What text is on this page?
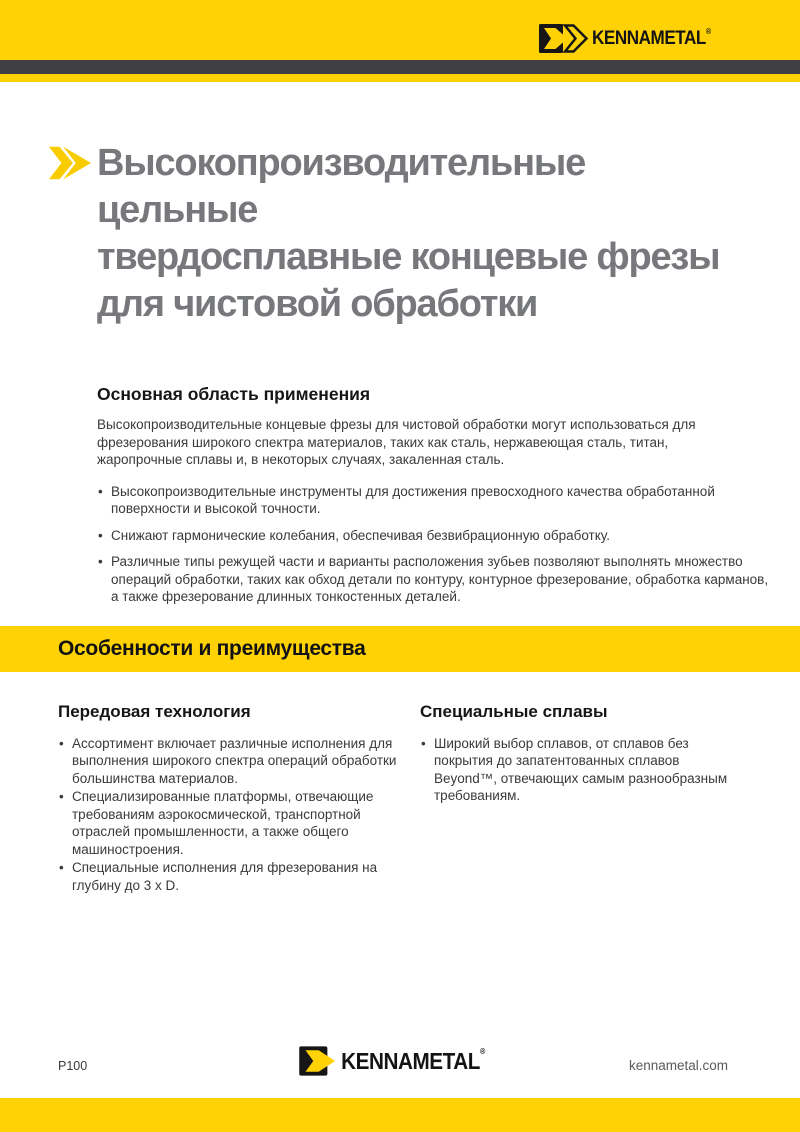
KENNAMETAL®
Высокопроизводительные цельные
твердосплавные концевые фрезы
для чистовой обработки
Основная область применения
Высокопроизводительные концевые фрезы для чистовой обработки могут использоваться для фрезерования широкого спектра материалов, таких как сталь, нержавеющая сталь, титан, жаропрочные сплавы и, в некоторых случаях, закаленная сталь.
• Высокопроизводительные инструменты для достижения превосходного качества обработанной поверхности и высокой точности.
• Снижают гармонические колебания, обеспечивая безвибрационную обработку.
• Различные типы режущей части и варианты расположения зубьев позволяют выполнять множество операций обработки, таких как обход детали по контуру, контурное фрезерование, обработка карманов, а также фрезерование длинных тонкостенных деталей.
Особенности и преимущества
Передовая технология
• Ассортимент включает различные исполнения для выполнения широкого спектра операций обработки большинства материалов.
• Специализированные платформы, отвечающие требованиям аэрокосмической, транспортной отраслей промышленности, а также общего машиностроения.
• Специальные исполнения для фрезерования на глубину до 3 x D.
Специальные сплавы
• Широкий выбор сплавов, от сплавов без покрытия до запатентованных сплавов Beyond™, отвечающих самым разнообразным требованиям.
P100	KENNAMETAL®
kennametal.com
